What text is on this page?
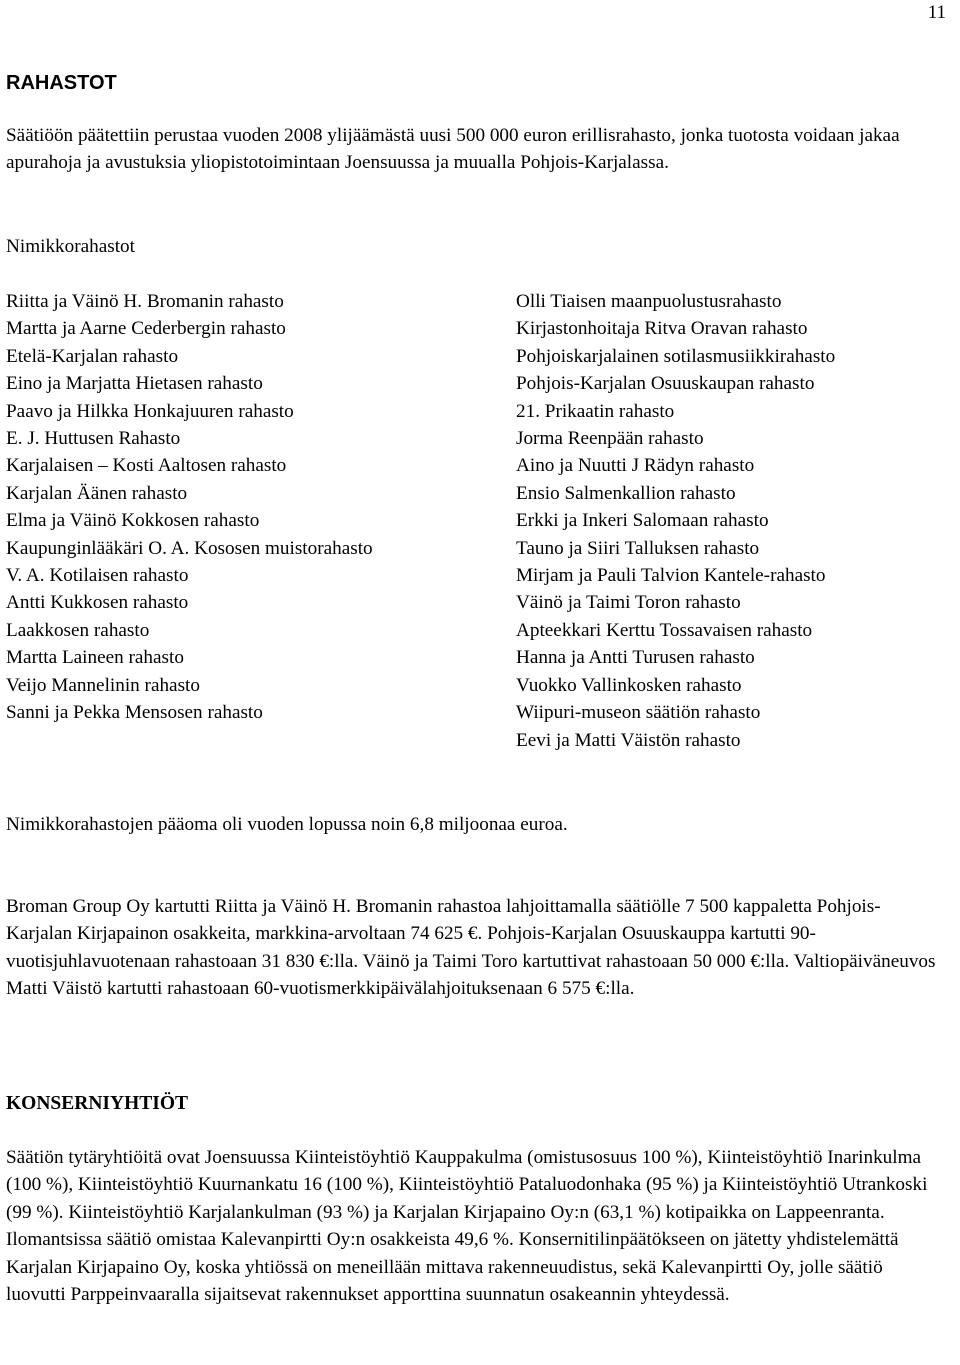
11
RAHASTOT

Säätiöön päätettiin perustaa vuoden 2008 ylijäämästä uusi 500 000 euron erillisrahasto, jonka tuotosta voidaan jakaa apurahoja ja avustuksia yliopistotoimintaan Joensuussa ja muualla Pohjois-Karjalassa.

Nimikkorahastot

Riitta ja Väinö H. Bromanin rahasto
Martta ja Aarne Cederbergin rahasto
Etelä-Karjalan rahasto
Eino ja Marjatta Hietasen rahasto
Paavo ja Hilkka Honkajuuren rahasto
E. J. Huttusen Rahasto
Karjalaisen – Kosti Aaltosen rahasto
Karjalan Äänen rahasto
Elma ja Väinö Kokkosen rahasto
Kaupunginlääkäri O. A. Kososen muistorahasto
V. A. Kotilaisen rahasto
Antti Kukkosen rahasto
Laakkosen rahasto
Martta Laineen rahasto
Veijo Mannelinin rahasto
Sanni ja Pekka Mensosen rahasto
Olli Tiaisen maanpuolustusrahasto
Kirjastonhoitaja Ritva Oravan rahasto
Pohjoiskarjalainen sotilasmusiikkirahasto
Pohjois-Karjalan Osuuskaupan rahasto
21. Prikaatin rahasto
Jorma Reenpään rahasto
Aino ja Nuutti J Rädyn rahasto
Ensio Salmenkallion rahasto
Erkki ja Inkeri Salomaan rahasto
Tauno ja Siiri Talluksen rahasto
Mirjam ja Pauli Talvion Kantele-rahasto
Väinö ja Taimi Toron rahasto
Apteekkari Kerttu Tossavaisen rahasto
Hanna ja Antti Turusen rahasto
Vuokko Vallinkosken rahasto
Wiipuri-museon säätiön rahasto
Eevi ja Matti Väistön rahasto

Nimikkorahastojen pääoma oli vuoden lopussa noin 6,8 miljoonaa euroa.

Broman Group Oy kartutti Riitta ja Väinö H. Bromanin rahastoa lahjoittamalla säätiölle 7 500 kappaletta Pohjois-Karjalan Kirjapainon osakkeita, markkina-arvoltaan 74 625 €. Pohjois-Karjalan Osuuskauppa kartutti 90-vuotisjuhlavuotenaan rahastoaan 31 830 €:lla. Väinö ja Taimi Toro kartuttivat rahastoaan 50 000 €:lla. Valtiopäiväneuvos Matti Väistö kartutti rahastoaan 60-vuotismerkkipäivälahjoituksenaan 6 575 €:lla.

KONSERNIYHTIÖT

Säätiön tytäryhtiöitä ovat Joensuussa Kiinteistöyhtiö Kauppakulma (omistusosuus 100 %), Kiinteistöyhtiö Inarinkulma (100 %), Kiinteistöyhtiö Kuurnankatu 16 (100 %), Kiinteistöyhtiö Pataluodonhaka (95 %) ja Kiinteistöyhtiö Utrankoski (99 %). Kiinteistöyhtiö Karjalankulman (93 %) ja Karjalan Kirjapaino Oy:n (63,1 %) kotipaikka on Lappeenranta. Ilomantsissa säätiö omistaa Kalevanpirtti Oy:n osakkeista 49,6 %. Konsernitilinpäätökseen on jätetty yhdistelemättä Karjalan Kirjapaino Oy, koska yhtiössä on meneillään mittava rakenneuudistus, sekä Kalevanpirtti Oy, jolle säätiö luovutti Parppeinvaaralla sijaitsevat rakennukset apporttina suunnatun osakeannin yhteydessä.
